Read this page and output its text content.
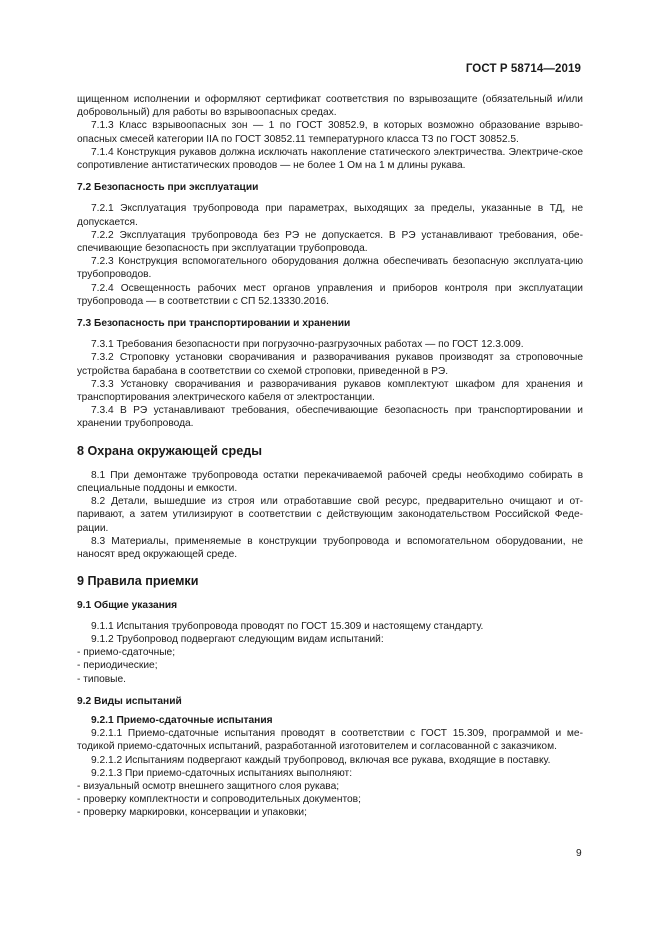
ГОСТ Р 58714—2019

щищенном исполнении и оформляют сертификат соответствия по взрывозащите (обязательный и/или добровольный) для работы во взрывоопасных средах.

7.1.3 Класс взрывоопасных зон — 1 по ГОСТ 30852.9, в которых возможно образование взрыво-опасных смесей категории IIA по ГОСТ 30852.11 температурного класса Т3 по ГОСТ 30852.5.

7.1.4 Конструкция рукавов должна исключать накопление статического электричества. Электриче-ское сопротивление антистатических проводов — не более 1 Ом на 1 м длины рукава.

7.2 Безопасность при эксплуатации

7.2.1 Эксплуатация трубопровода при параметрах, выходящих за пределы, указанные в ТД, не допускается.

7.2.2 Эксплуатация трубопровода без РЭ не допускается. В РЭ устанавливают требования, обе-спечивающие безопасность при эксплуатации трубопровода.

7.2.3 Конструкция вспомогательного оборудования должна обеспечивать безопасную эксплуата-цию трубопроводов.

7.2.4 Освещенность рабочих мест органов управления и приборов контроля при эксплуатации трубопровода — в соответствии с СП 52.13330.2016.

7.3 Безопасность при транспортировании и хранении

7.3.1 Требования безопасности при погрузочно-разгрузочных работах — по ГОСТ 12.3.009.

7.3.2 Строповку установки сворачивания и разворачивания рукавов производят за строповочные устройства барабана в соответствии со схемой строповки, приведенной в РЭ.

7.3.3 Установку сворачивания и разворачивания рукавов комплектуют шкафом для хранения и транспортирования электрического кабеля от электростанции.

7.3.4 В РЭ устанавливают требования, обеспечивающие безопасность при транспортировании и хранении трубопровода.

8 Охрана окружающей среды

8.1 При демонтаже трубопровода остатки перекачиваемой рабочей среды необходимо собирать в специальные поддоны и емкости.

8.2 Детали, вышедшие из строя или отработавшие свой ресурс, предварительно очищают и от-паривают, а затем утилизируют в соответствии с действующим законодательством Российской Феде-рации.

8.3 Материалы, применяемые в конструкции трубопровода и вспомогательном оборудовании, не наносят вред окружающей среде.

9 Правила приемки

9.1 Общие указания

9.1.1 Испытания трубопровода проводят по ГОСТ 15.309 и настоящему стандарту.

9.1.2 Трубопровод подвергают следующим видам испытаний:

- приемо-сдаточные;

- периодические;

- типовые.

9.2 Виды испытаний

9.2.1 Приемо-сдаточные испытания

9.2.1.1 Приемо-сдаточные испытания проводят в соответствии с ГОСТ 15.309, программой и ме-тодикой приемо-сдаточных испытаний, разработанной изготовителем и согласованной с заказчиком.

9.2.1.2 Испытаниям подвергают каждый трубопровод, включая все рукава, входящие в поставку.

9.2.1.3 При приемо-сдаточных испытаниях выполняют:

- визуальный осмотр внешнего защитного слоя рукава;

- проверку комплектности и сопроводительных документов;

- проверку маркировки, консервации и упаковки;

9
